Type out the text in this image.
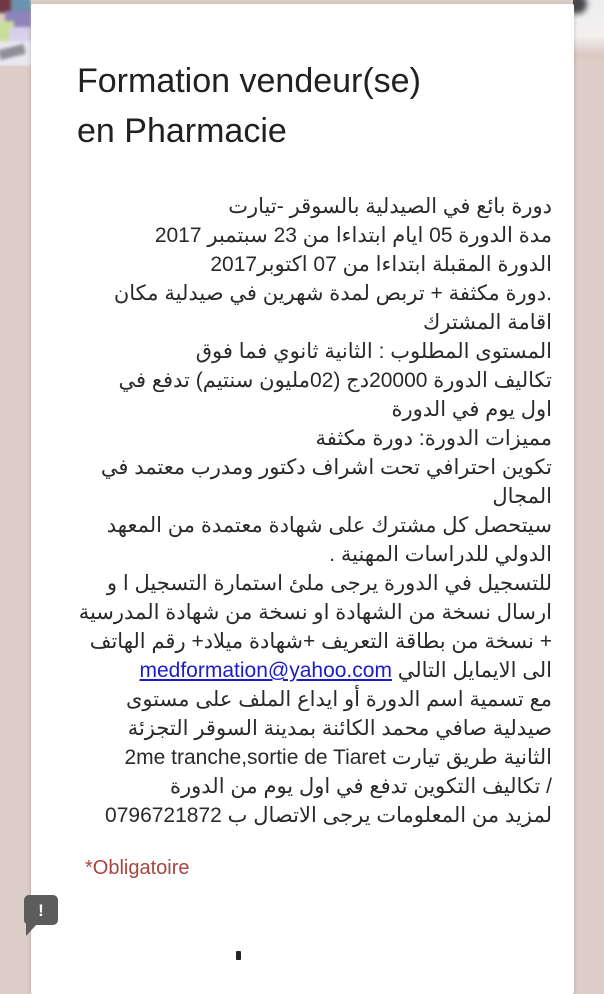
Formation vendeur(se)
en Pharmacie
دورة بائع في الصيدلية بالسوقر -تيارت
مدة الدورة 05 ايام ابتداءا من 23 سبتمبر 2017
الدورة المقبلة ابتداءا من 07 اكتوبر2017
.دورة مكثفة + تربص لمدة شهرين في صيدلية مكان
اقامة المشترك
المستوى المطلوب : الثانية ثانوي فما فوق
تكاليف الدورة 20000دج (02مليون سنتيم) تدفع في
اول يوم في الدورة
مميزات الدورة: دورة مكثفة
تكوين احترافي تحت اشراف دكتور ومدرب معتمد في
المجال
سيتحصل كل مشترك على شهادة معتمدة من المعهد
الدولي للدراسات المهنية .
للتسجيل في الدورة يرجى ملئ استمارة التسجيل ا و
ارسال نسخة من الشهادة او نسخة من شهادة المدرسية
+ نسخة من بطاقة التعريف +شهادة ميلاد+ رقم الهاتف
الى الايمايل التالي medformation@yahoo.com
مع تسمية اسم الدورة أو ايداع الملف على مستوى
صيدلية صافي محمد الكائنة بمدينة السوقر التجزئة
الثانية طريق تيارت 2me tranche,sortie de Tiaret
/ تكاليف التكوين تدفع في اول يوم من الدورة
لمزيد من المعلومات يرجى الاتصال ب 0796721872
*Obligatoire
!
